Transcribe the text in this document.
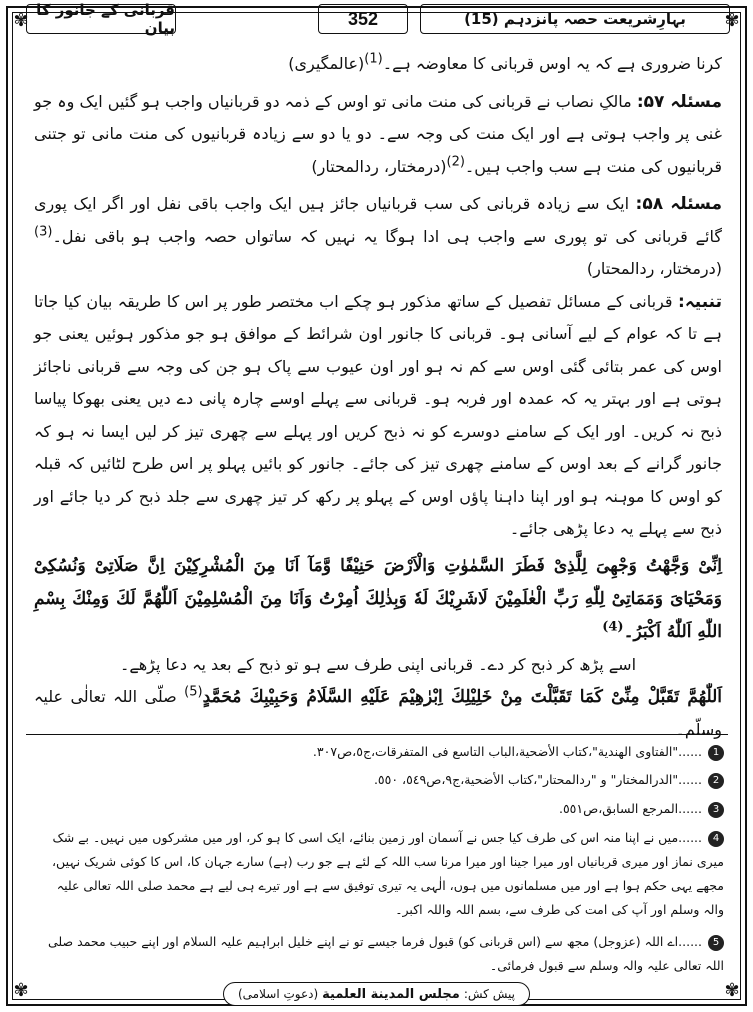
✾	✾
✾	✾
بہارِشریعت حصہ پانزدہم (15)
352
قربانی کے جانور کا بیان

کرنا ضروری ہے کہ یہ اوس قربانی کا معاوضہ ہے۔$^{(1)}$(عالمگیری)

مسئلہ ۵۷: مالکِ نصاب نے قربانی کی منت مانی تو اوس کے ذمہ دو قربانیاں واجب ہو گئیں ایک وہ جو غنی پر واجب ہوتی ہے اور ایک منت کی وجہ سے۔ دو یا دو سے زیادہ قربانیوں کی منت مانی تو جتنی قربانیوں کی منت ہے سب واجب ہیں۔$^{(2)}$(درمختار، ردالمحتار)

مسئلہ ۵۸: ایک سے زیادہ قربانی کی سب قربانیاں جائز ہیں ایک واجب باقی نفل اور اگر ایک پوری گائے قربانی کی تو پوری سے واجب ہی ادا ہوگا یہ نہیں کہ ساتواں حصہ واجب ہو باقی نفل۔$^{(3)}$(درمختار، ردالمحتار)

تنبیہ: قربانی کے مسائل تفصیل کے ساتھ مذکور ہو چکے اب مختصر طور پر اس کا طریقہ بیان کیا جاتا ہے تا کہ عوام کے لیے آسانی ہو۔ قربانی کا جانور اون شرائط کے موافق ہو جو مذکور ہوئیں یعنی جو اوس کی عمر بتائی گئی اوس سے کم نہ ہو اور اون عیوب سے پاک ہو جن کی وجہ سے قربانی ناجائز ہوتی ہے اور بہتر یہ کہ عمدہ اور فربہ ہو۔ قربانی سے پہلے اوسے چارہ پانی دے دیں یعنی بھوکا پیاسا ذبح نہ کریں۔ اور ایک کے سامنے دوسرے کو نہ ذبح کریں اور پہلے سے چھری تیز کر لیں ایسا نہ ہو کہ جانور گرانے کے بعد اوس کے سامنے چھری تیز کی جائے۔ جانور کو بائیں پہلو پر اس طرح لٹائیں کہ قبلہ کو اوس کا موہنہ ہو اور اپنا داہنا پاؤں اوس کے پہلو پر رکھ کر تیز چھری سے جلد ذبح کر دیا جائے اور ذبح سے پہلے یہ دعا پڑھی جائے۔

اِنِّیْ وَجَّهْتُ وَجْهِیَ لِلَّذِیْ فَطَرَ السَّمٰوٰتِ وَالْاَرْضَ حَنِیْفًا وَّمَآ اَنَا مِنَ الْمُشْرِكِیْنَ اِنَّ صَلَاتِیْ وَنُسُكِیْ وَمَحْیَایَ وَمَمَاتِیْ لِلّٰهِ رَبِّ الْعٰلَمِیْنَ لَاشَرِیْكَ لَهٗ وَبِذٰلِكَ اُمِرْتُ وَاَنَا مِنَ الْمُسْلِمِیْنَ اَللّٰهُمَّ لَكَ وَمِنْكَ بِسْمِ اللّٰهِ اَللّٰهُ اَكْبَرُ۔$^{(4)}$

اسے پڑھ کر ذبح کر دے۔ قربانی اپنی طرف سے ہو تو ذبح کے بعد یہ دعا پڑھے۔

اَللّٰهُمَّ تَقَبَّلْ مِنِّیْ كَمَا تَقَبَّلْتَ مِنْ خَلِیْلِكَ اِبْرٰهِیْمَ عَلَیْهِ السَّلَامُ وَحَبِیْبِكَ مُحَمَّدٍ$^{(5)}$ صلّی اللہ تعالٰی علیہ وسلّم۔

1......"الفتاوی الهندیة"،كتاب الأضحية،الباب التاسع فی المتفرقات،ج٥،ص٣٠٧.
2......"الدرالمختار" و "ردالمحتار"،كتاب الأضحية،ج٩،ص٥٤٩، ٥٥٠.
3......المرجع السابق،ص٥٥١.
4......میں نے اپنا منہ اس کی طرف کیا جس نے آسمان اور زمین بنائے، ایک اسی کا ہو کر، اور میں مشرکوں میں نہیں۔ بے شک میری نماز اور میری قربانیاں اور میرا جینا اور میرا مرنا سب اللہ کے لئے ہے جو رب (ہے) سارے جہان کا، اس کا کوئی شریک نہیں، مجھے یہی حکم ہوا ہے اور میں مسلمانوں میں ہوں، الٰہی یہ تیری توفیق سے ہے اور تیرے ہی لیے ہے محمد صلی اللہ تعالی علیہ والہ وسلم اور آپ کی امت کی طرف سے، بسم اللہ واللہ اکبر۔
5......اے اللہ (عزوجل) مجھ سے (اس قربانی کو) قبول فرما جیسے تو نے اپنے خلیل ابراہیم علیہ السلام اور اپنے حبیب محمد صلی اللہ تعالی علیہ والہ وسلم سے قبول فرمائی۔
پیش کش:
مجلس المدينة العلمية
(دعوتِ اسلامی)
